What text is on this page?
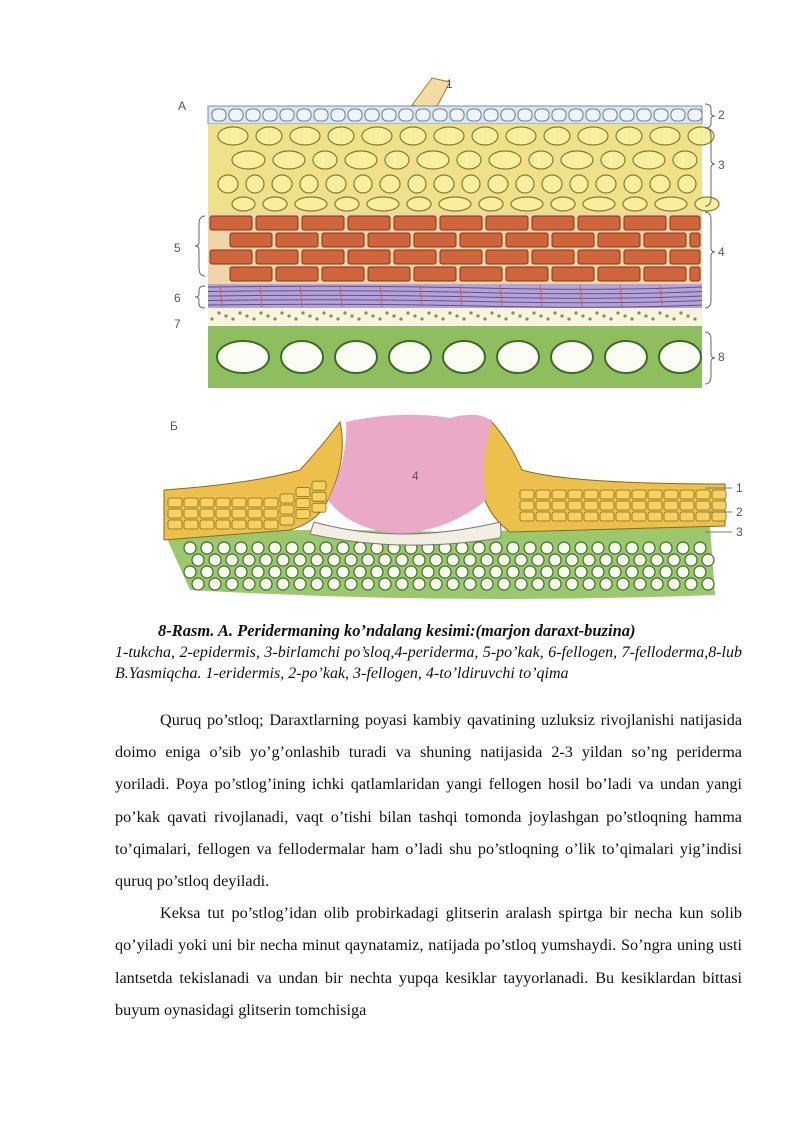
А
1
2
3
4
5
6
7
8
Б
4
1
2
3
8-Rasm. A. Peridermaning ko’ndalang kesimi:(marjon daraxt-buzina)
1-tukcha, 2-epidermis, 3-birlamchi po’sloq,4-periderma, 5-po’kak, 6-fellogen, 7-felloderma,8-lub B.Yasmiqcha. 1-eridermis, 2-po’kak, 3-fellogen, 4-to’ldiruvchi to’qima

Quruq po’stloq; Daraxtlarning poyasi kambiy qavatining uzluksiz rivojlanishi natijasida doimo eniga o’sib yo’g’onlashib turadi va shuning natijasida 2-3 yildan so’ng periderma yoriladi. Poya po’stlog’ining ichki qatlamlaridan yangi fellogen hosil bo’ladi va undan yangi po’kak qavati rivojlanadi, vaqt o’tishi bilan tashqi tomonda joylashgan po’stloqning hamma to’qimalari, fellogen va fellodermalar ham o’ladi shu po’stloqning o’lik to’qimalari yig’indisi quruq po’stloq deyiladi.

Keksa tut po’stlog’idan olib probirkadagi glitserin aralash spirtga bir necha kun solib qo’yiladi yoki uni bir necha minut qaynatamiz, natijada po’stloq yumshaydi. So’ngra uning usti lantsetda tekislanadi va undan bir nechta yupqa kesiklar tayyorlanadi. Bu kesiklardan bittasi buyum oynasidagi glitserin tomchisiga
